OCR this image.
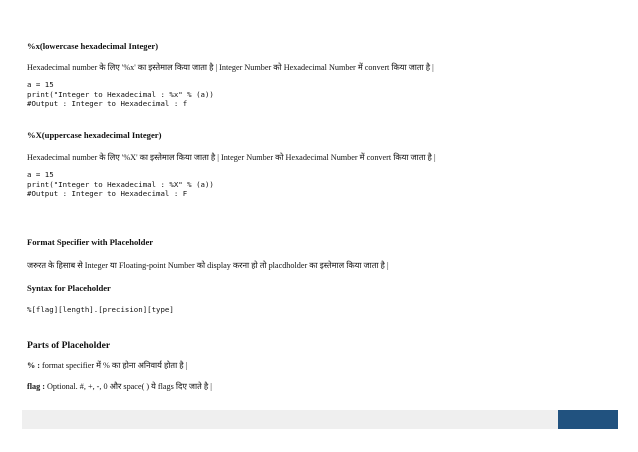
%x(lowercase hexadecimal Integer)
Hexadecimal number के लिए '%x' का इस्तेमाल किया जाता है | Integer Number को Hexadecimal Number में convert किया जाता है |
a = 15
print("Integer to Hexadecimal : %x" % (a))
#Output : Integer to Hexadecimal : f
%X(uppercase hexadecimal Integer)
Hexadecimal number के लिए '%X' का इस्तेमाल किया जाता है | Integer Number को Hexadecimal Number में convert किया जाता है |
a = 15
print("Integer to Hexadecimal : %X" % (a))
#Output : Integer to Hexadecimal : F
Format Specifier with Placeholder
जरुरत के हिसाब से Integer या Floating-point Number को display करना हो तो placdholder का इस्तेमाल किया जाता है |
Syntax for Placeholder
%[flag][length].[precision][type]
Parts of Placeholder
% : format specifier में % का होना अनिवार्य होता है |
flag : Optional. #, +, -, 0 और space( ) ये flags दिए जाते है |
